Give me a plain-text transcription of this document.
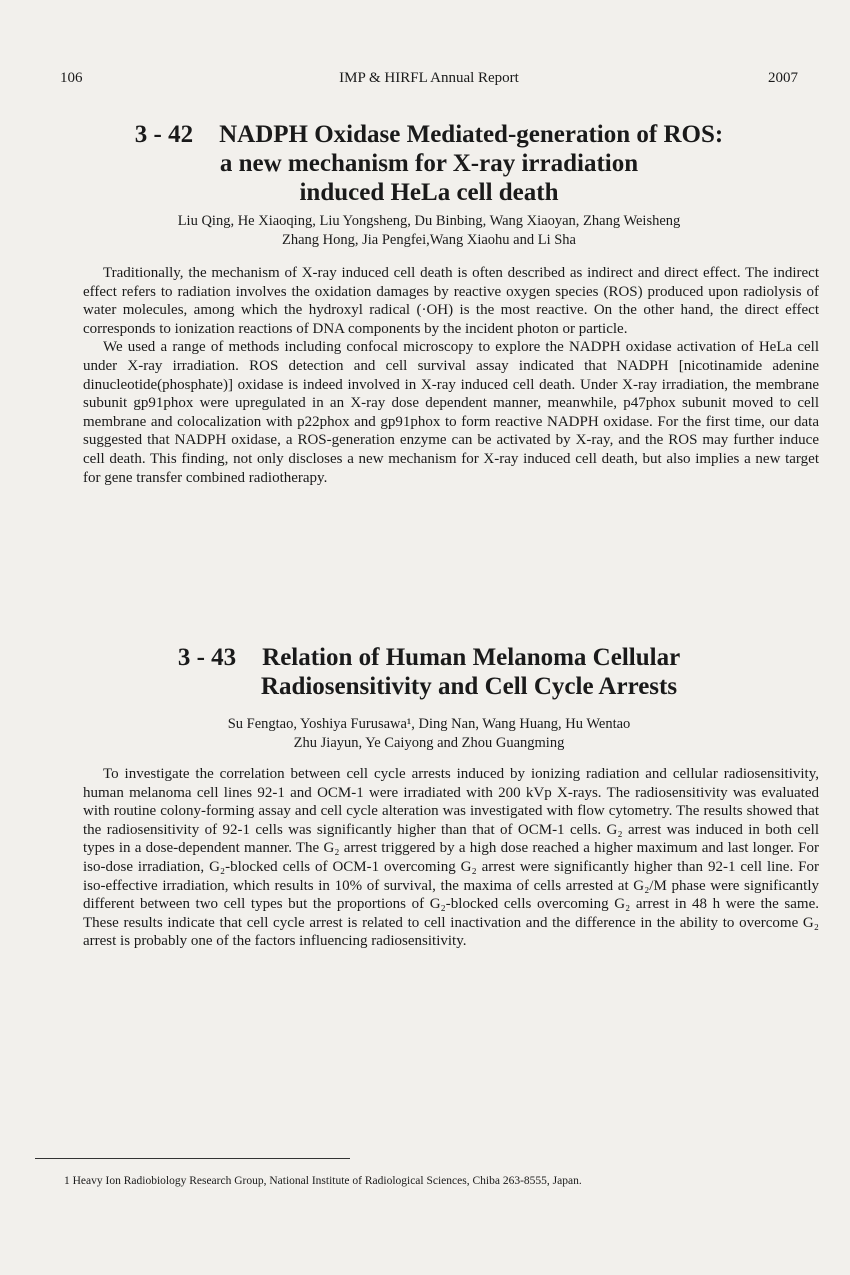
106	IMP & HIRFL Annual Report	2007
3 - 42 NADPH Oxidase Mediated-generation of ROS:
a new mechanism for X-ray irradiation
induced HeLa cell death
Liu Qing, He Xiaoqing, Liu Yongsheng, Du Binbing, Wang Xiaoyan, Zhang Weisheng
Zhang Hong, Jia Pengfei,Wang Xiaohu and Li Sha

Traditionally, the mechanism of X-ray induced cell death is often described as indirect and direct effect. The indirect effect refers to radiation involves the oxidation damages by reactive oxygen species (ROS) produced upon radiolysis of water molecules, among which the hydroxyl radical (·OH) is the most reactive. On the other hand, the direct effect corresponds to ionization reactions of DNA components by the incident photon or particle.

We used a range of methods including confocal microscopy to explore the NADPH oxidase activation of HeLa cell under X-ray irradiation. ROS detection and cell survival assay indicated that NADPH [nicotinamide adenine dinucleotide(phosphate)] oxidase is indeed involved in X-ray induced cell death. Under X-ray irradiation, the membrane subunit gp91phox were upregulated in an X-ray dose dependent manner, meanwhile, p47phox subunit moved to cell membrane and colocalization with p22phox and gp91phox to form reactive NADPH oxidase. For the first time, our data suggested that NADPH oxidase, a ROS-generation enzyme can be activated by X-ray, and the ROS may further induce cell death. This finding, not only discloses a new mechanism for X-ray induced cell death, but also implies a new target for gene transfer combined radiotherapy.

3 - 43 Relation of Human Melanoma Cellular
Radiosensitivity and Cell Cycle Arrests
Su Fengtao, Yoshiya Furusawa¹, Ding Nan, Wang Huang, Hu Wentao
Zhu Jiayun, Ye Caiyong and Zhou Guangming

To investigate the correlation between cell cycle arrests induced by ionizing radiation and cellular radiosensitivity, human melanoma cell lines 92-1 and OCM-1 were irradiated with 200 kVp X-rays. The radiosensitivity was evaluated with routine colony-forming assay and cell cycle alteration was investigated with flow cytometry. The results showed that the radiosensitivity of 92-1 cells was significantly higher than that of OCM-1 cells. G₂ arrest was induced in both cell types in a dose-dependent manner. The G₂ arrest triggered by a high dose reached a higher maximum and last longer. For iso-dose irradiation, G₂-blocked cells of OCM-1 overcoming G₂ arrest were significantly higher than 92-1 cell line. For iso-effective irradiation, which results in 10% of survival, the maxima of cells arrested at G₂/M phase were significantly different between two cell types but the proportions of G₂-blocked cells overcoming G₂ arrest in 48 h were the same. These results indicate that cell cycle arrest is related to cell inactivation and the difference in the ability to overcome G₂ arrest is probably one of the factors influencing radiosensitivity.

1 Heavy Ion Radiobiology Research Group, National Institute of Radiological Sciences, Chiba 263-8555, Japan.
